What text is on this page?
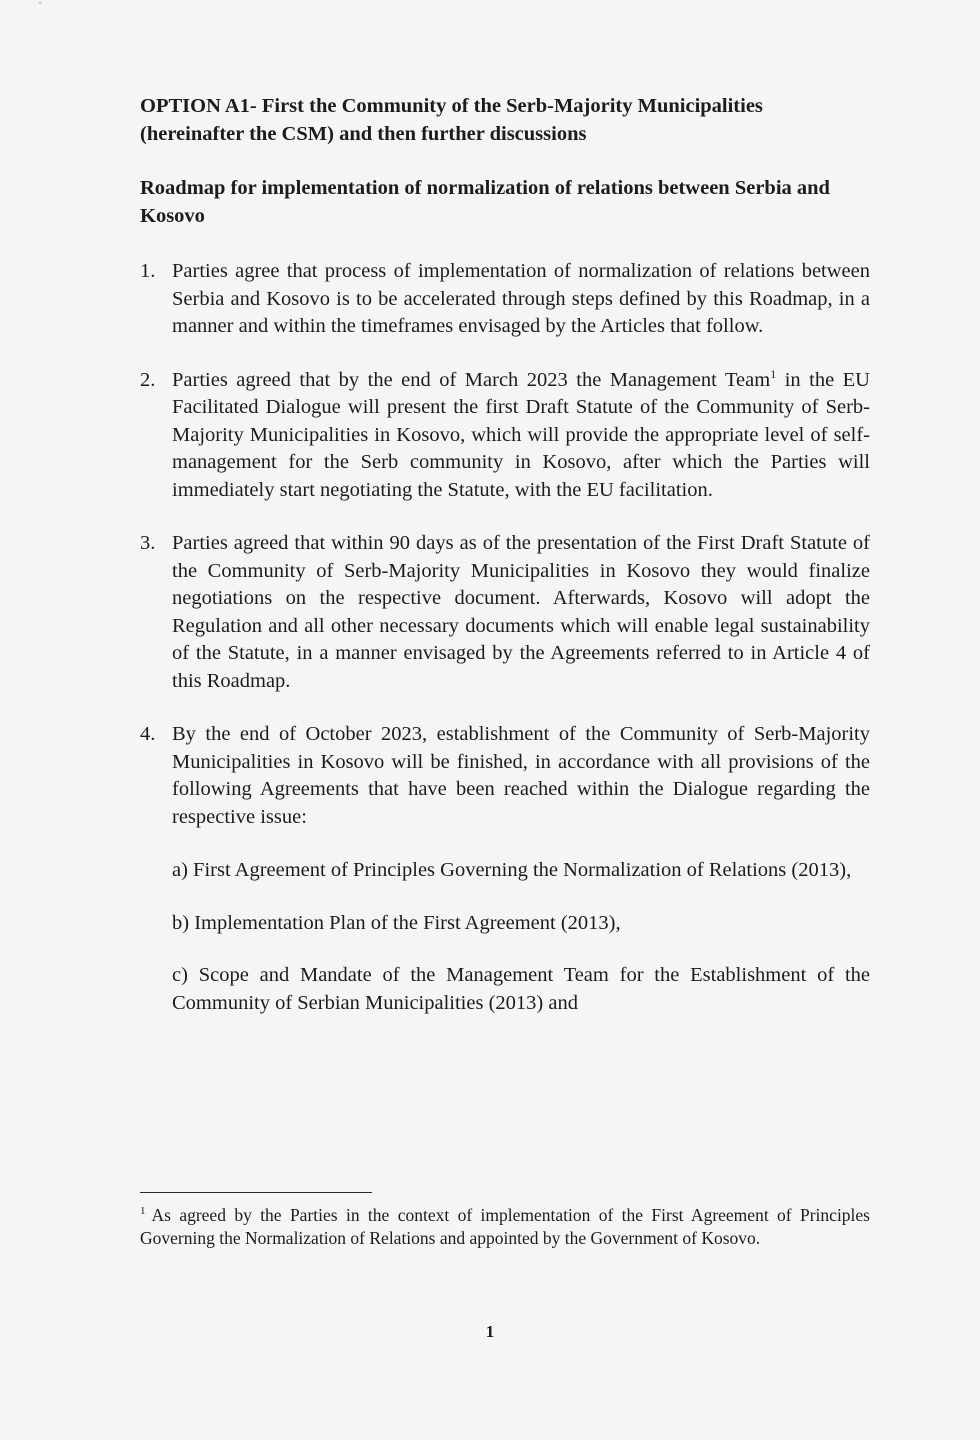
∘

OPTION A1- First the Community of the Serb-Majority Municipalities (hereinafter the CSM) and then further discussions

Roadmap for implementation of normalization of relations between Serbia and Kosovo

1. Parties agree that process of implementation of normalization of relations between Serbia and Kosovo is to be accelerated through steps defined by this Roadmap, in a manner and within the timeframes envisaged by the Articles that follow.
2. Parties agreed that by the end of March 2023 the Management Team$^1$ in the EU Facilitated Dialogue will present the first Draft Statute of the Community of Serb-Majority Municipalities in Kosovo, which will provide the appropriate level of self-management for the Serb community in Kosovo, after which the Parties will immediately start negotiating the Statute, with the EU facilitation.
3. Parties agreed that within 90 days as of the presentation of the First Draft Statute of the Community of Serb-Majority Municipalities in Kosovo they would finalize negotiations on the respective document. Afterwards, Kosovo will adopt the Regulation and all other necessary documents which will enable legal sustainability of the Statute, in a manner envisaged by the Agreements referred to in Article 4 of this Roadmap.
4. By the end of October 2023, establishment of the Community of Serb-Majority Municipalities in Kosovo will be finished, in accordance with all provisions of the following Agreements that have been reached within the Dialogue regarding the respective issue:
a) First Agreement of Principles Governing the Normalization of Relations (2013),
b) Implementation Plan of the First Agreement (2013),
c) Scope and Mandate of the Management Team for the Establishment of the Community of Serbian Municipalities (2013) and
$^1$ As agreed by the Parties in the context of implementation of the First Agreement of Principles Governing the Normalization of Relations and appointed by the Government of Kosovo.
1
